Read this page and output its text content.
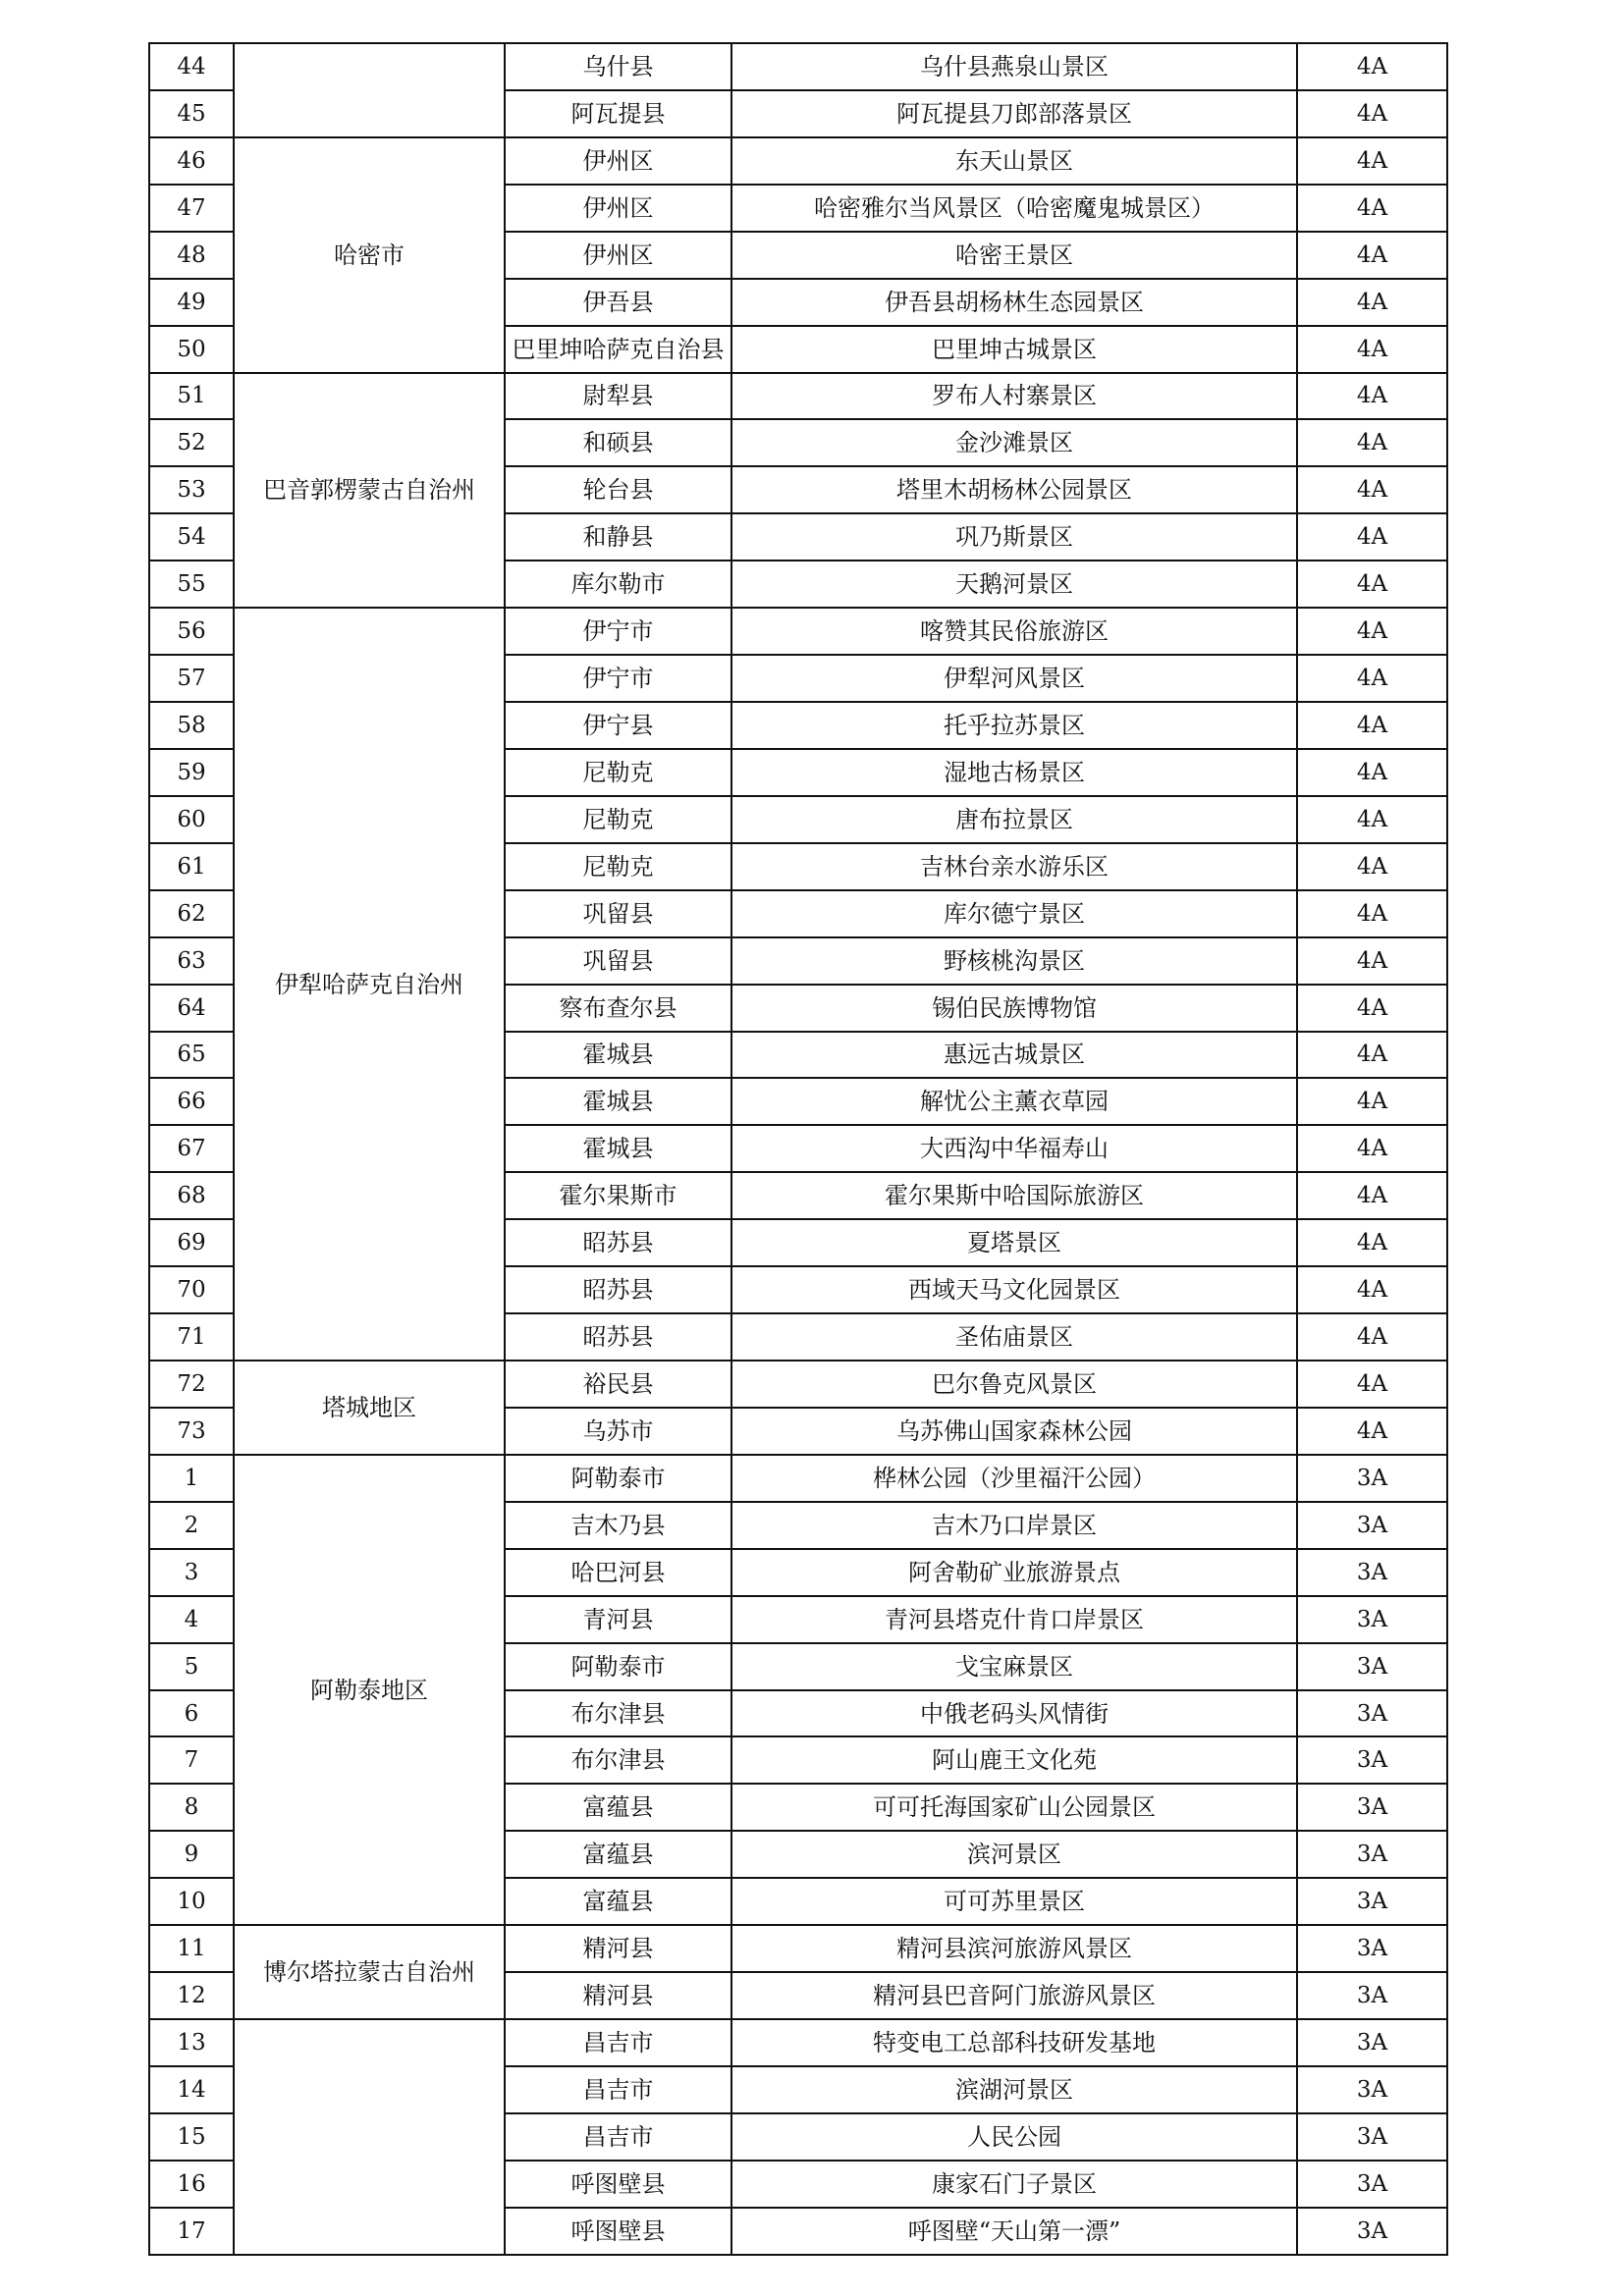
44	乌什县	乌什县燕泉山景区	4A
45	阿瓦提县	阿瓦提县刀郎部落景区	4A
46	伊州区	东天山景区	4A
47	伊州区	哈密雅尔当风景区（哈密魔鬼城景区）	4A
48	伊州区	哈密王景区	4A
49	伊吾县	伊吾县胡杨林生态园景区	4A
50	巴里坤哈萨克自治县	巴里坤古城景区	4A
哈密市
51	尉犁县	罗布人村寨景区	4A
52	和硕县	金沙滩景区	4A
53	轮台县	塔里木胡杨林公园景区	4A
54	和静县	巩乃斯景区	4A
55	库尔勒市	天鹅河景区	4A
巴音郭楞蒙古自治州
56	伊宁市	喀赞其民俗旅游区	4A
57	伊宁市	伊犁河风景区	4A
58	伊宁县	托乎拉苏景区	4A
59	尼勒克	湿地古杨景区	4A
60	尼勒克	唐布拉景区	4A
61	尼勒克	吉林台亲水游乐区	4A
62	巩留县	库尔德宁景区	4A
63	巩留县	野核桃沟景区	4A
64	察布查尔县	锡伯民族博物馆	4A
65	霍城县	惠远古城景区	4A
66	霍城县	解忧公主薰衣草园	4A
67	霍城县	大西沟中华福寿山	4A
68	霍尔果斯市	霍尔果斯中哈国际旅游区	4A
69	昭苏县	夏塔景区	4A
70	昭苏县	西域天马文化园景区	4A
71	昭苏县	圣佑庙景区	4A
伊犁哈萨克自治州
72	裕民县	巴尔鲁克风景区	4A
73	乌苏市	乌苏佛山国家森林公园	4A
塔城地区
1	阿勒泰市	桦林公园（沙里福汗公园）	3A
2	吉木乃县	吉木乃口岸景区	3A
3	哈巴河县	阿舍勒矿业旅游景点	3A
4	青河县	青河县塔克什肯口岸景区	3A
5	阿勒泰市	戈宝麻景区	3A
6	布尔津县	中俄老码头风情街	3A
7	布尔津县	阿山鹿王文化苑	3A
8	富蕴县	可可托海国家矿山公园景区	3A
9	富蕴县	滨河景区	3A
10	富蕴县	可可苏里景区	3A
阿勒泰地区
11	精河县	精河县滨河旅游风景区	3A
12	精河县	精河县巴音阿门旅游风景区	3A
博尔塔拉蒙古自治州
13	昌吉市	特变电工总部科技研发基地	3A
14	昌吉市	滨湖河景区	3A
15	昌吉市	人民公园	3A
16	呼图壁县	康家石门子景区	3A
17	呼图壁县	呼图壁“天山第一漂”	3A
